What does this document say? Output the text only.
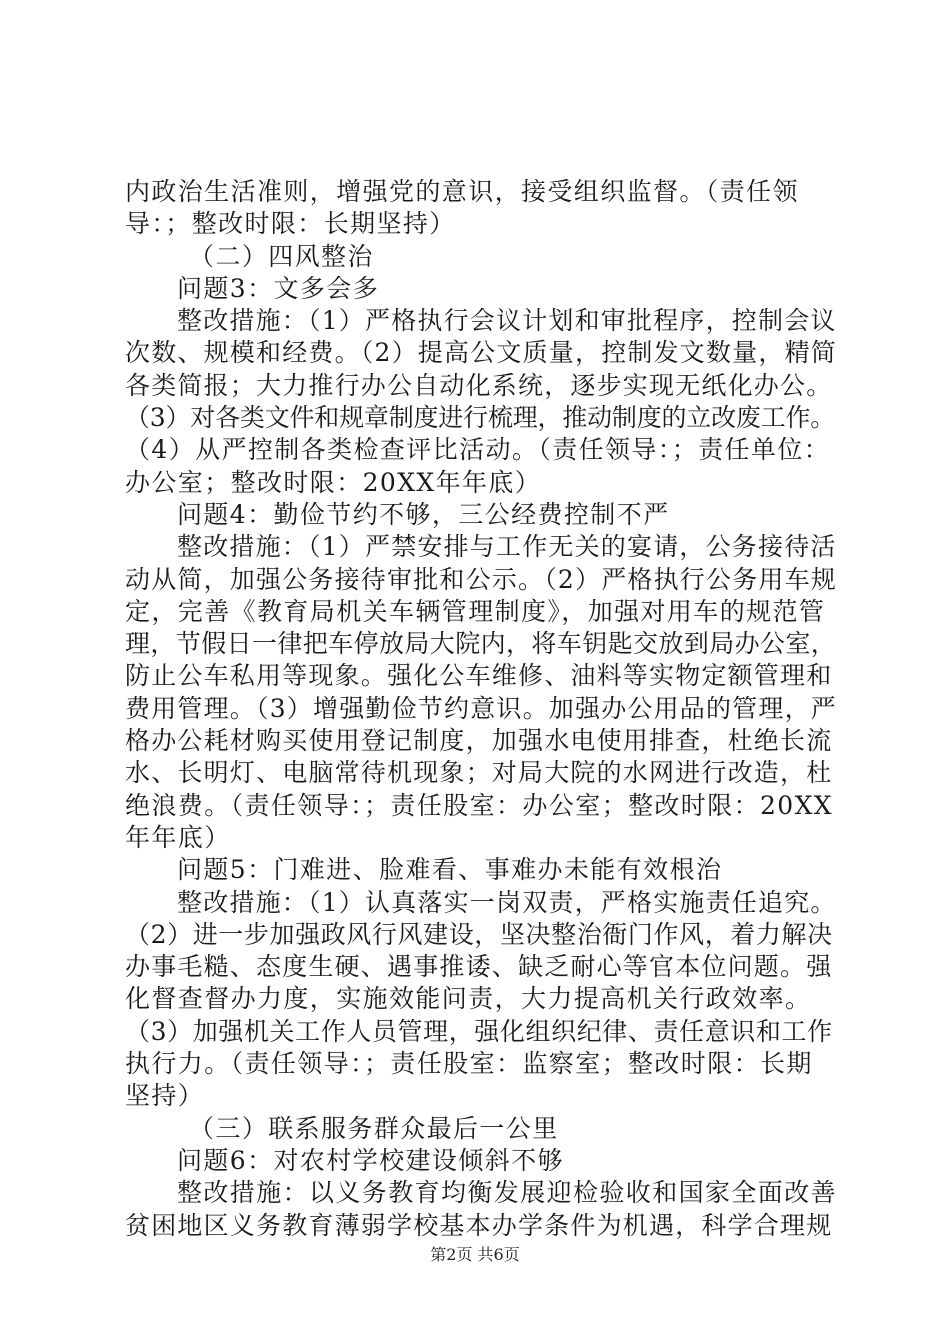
内政治生活准则，增强党的意识，接受组织监督。（责任领
导：；整改时限：长期坚持）
（二）四风整治
问题3：文多会多
整改措施：（1）严格执行会议计划和审批程序，控制会议
次数、规模和经费。（2）提高公文质量，控制发文数量，精简
各类简报；大力推行办公自动化系统，逐步实现无纸化办公。
（3）对各类文件和规章制度进行梳理，推动制度的立改废工作。
（4）从严控制各类检查评比活动。（责任领导：；责任单位：
办公室；整改时限：20XX年年底）
问题4：勤俭节约不够，三公经费控制不严
整改措施：（1）严禁安排与工作无关的宴请，公务接待活
动从简，加强公务接待审批和公示。（2）严格执行公务用车规
定，完善《教育局机关车辆管理制度》，加强对用车的规范管
理，节假日一律把车停放局大院内，将车钥匙交放到局办公室，
防止公车私用等现象。强化公车维修、油料等实物定额管理和
费用管理。（3）增强勤俭节约意识。加强办公用品的管理，严
格办公耗材购买使用登记制度，加强水电使用排查，杜绝长流
水、长明灯、电脑常待机现象；对局大院的水网进行改造，杜
绝浪费。（责任领导：；责任股室：办公室；整改时限：20XX
年年底）
问题5：门难进、脸难看、事难办未能有效根治
整改措施：（1）认真落实一岗双责，严格实施责任追究。
（2）进一步加强政风行风建设，坚决整治衙门作风，着力解决
办事毛糙、态度生硬、遇事推诿、缺乏耐心等官本位问题。强
化督查督办力度，实施效能问责，大力提高机关行政效率。
（3）加强机关工作人员管理，强化组织纪律、责任意识和工作
执行力。（责任领导：；责任股室：监察室；整改时限：长期
坚持）
（三）联系服务群众最后一公里
问题6：对农村学校建设倾斜不够
整改措施：以义务教育均衡发展迎检验收和国家全面改善
贫困地区义务教育薄弱学校基本办学条件为机遇，科学合理规
第2页 共6页
